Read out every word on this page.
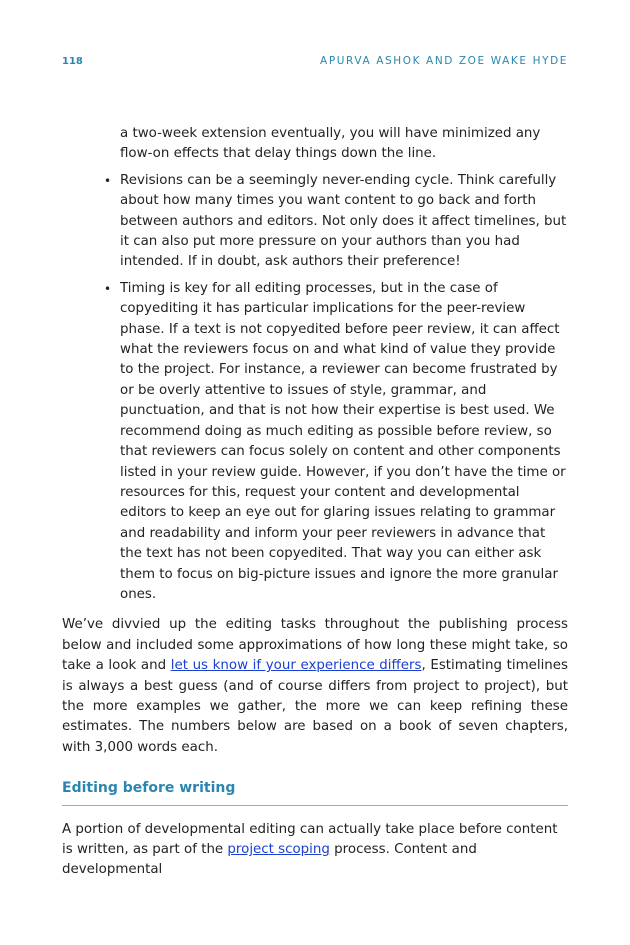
118	APURVA ASHOK AND ZOE WAKE HYDE
a two-week extension eventually, you will have minimized any flow-on effects that delay things down the line.
• Revisions can be a seemingly never-ending cycle. Think carefully about how many times you want content to go back and forth between authors and editors. Not only does it affect timelines, but it can also put more pressure on your authors than you had intended. If in doubt, ask authors their preference!
• Timing is key for all editing processes, but in the case of copyediting it has particular implications for the peer-review phase. If a text is not copyedited before peer review, it can affect what the reviewers focus on and what kind of value they provide to the project. For instance, a reviewer can become frustrated by or be overly attentive to issues of style, grammar, and punctuation, and that is not how their expertise is best used. We recommend doing as much editing as possible before review, so that reviewers can focus solely on content and other components listed in your review guide. However, if you don’t have the time or resources for this, request your content and developmental editors to keep an eye out for glaring issues relating to grammar and readability and inform your peer reviewers in advance that the text has not been copyedited. That way you can either ask them to focus on big-picture issues and ignore the more granular ones.

We’ve divvied up the editing tasks throughout the publishing process below and included some approximations of how long these might take, so take a look and let us know if your experience differs, Estimating timelines is always a best guess (and of course differs from project to project), but the more examples we gather, the more we can keep refining these estimates. The numbers below are based on a book of seven chapters, with 3,000 words each.

Editing before writing

A portion of developmental editing can actually take place before content is written, as part of the project scoping process. Content and developmental
